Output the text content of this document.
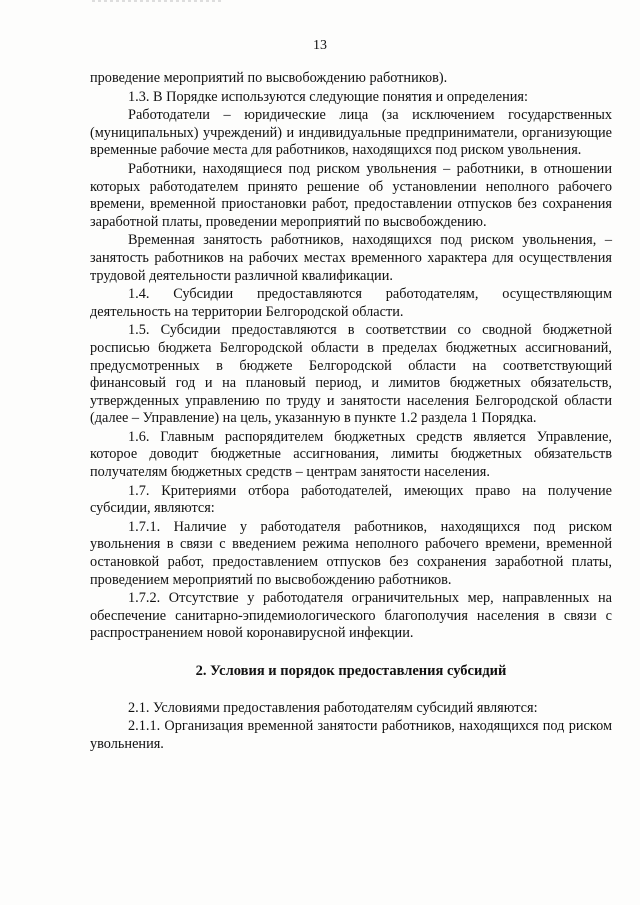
13

проведение мероприятий по высвобождению работников).

1.3. В Порядке используются следующие понятия и определения:

Работодатели – юридические лица (за исключением государственных (муниципальных) учреждений) и индивидуальные предприниматели, организующие временные рабочие места для работников, находящихся под риском увольнения.

Работники, находящиеся под риском увольнения – работники, в отношении которых работодателем принято решение об установлении неполного рабочего времени, временной приостановки работ, предоставлении отпусков без сохранения заработной платы, проведении мероприятий по высвобождению.

Временная занятость работников, находящихся под риском увольнения, – занятость работников на рабочих местах временного характера для осуществления трудовой деятельности различной квалификации.

1.4. Субсидии предоставляются работодателям, осуществляющим деятельность на территории Белгородской области.

1.5. Субсидии предоставляются в соответствии со сводной бюджетной росписью бюджета Белгородской области в пределах бюджетных ассигнований, предусмотренных в бюджете Белгородской области на соответствующий финансовый год и на плановый период, и лимитов бюджетных обязательств, утвержденных управлению по труду и занятости населения Белгородской области (далее – Управление) на цель, указанную в пункте 1.2 раздела 1 Порядка.

1.6. Главным распорядителем бюджетных средств является Управление, которое доводит бюджетные ассигнования, лимиты бюджетных обязательств получателям бюджетных средств – центрам занятости населения.

1.7. Критериями отбора работодателей, имеющих право на получение субсидии, являются:

1.7.1. Наличие у работодателя работников, находящихся под риском увольнения в связи с введением режима неполного рабочего времени, временной остановкой работ, предоставлением отпусков без сохранения заработной платы, проведением мероприятий по высвобождению работников.

1.7.2. Отсутствие у работодателя ограничительных мер, направленных на обеспечение санитарно-эпидемиологического благополучия населения в связи с распространением новой коронавирусной инфекции.

2. Условия и порядок предоставления субсидий

2.1. Условиями предоставления работодателям субсидий являются:

2.1.1. Организация временной занятости работников, находящихся под риском увольнения.
